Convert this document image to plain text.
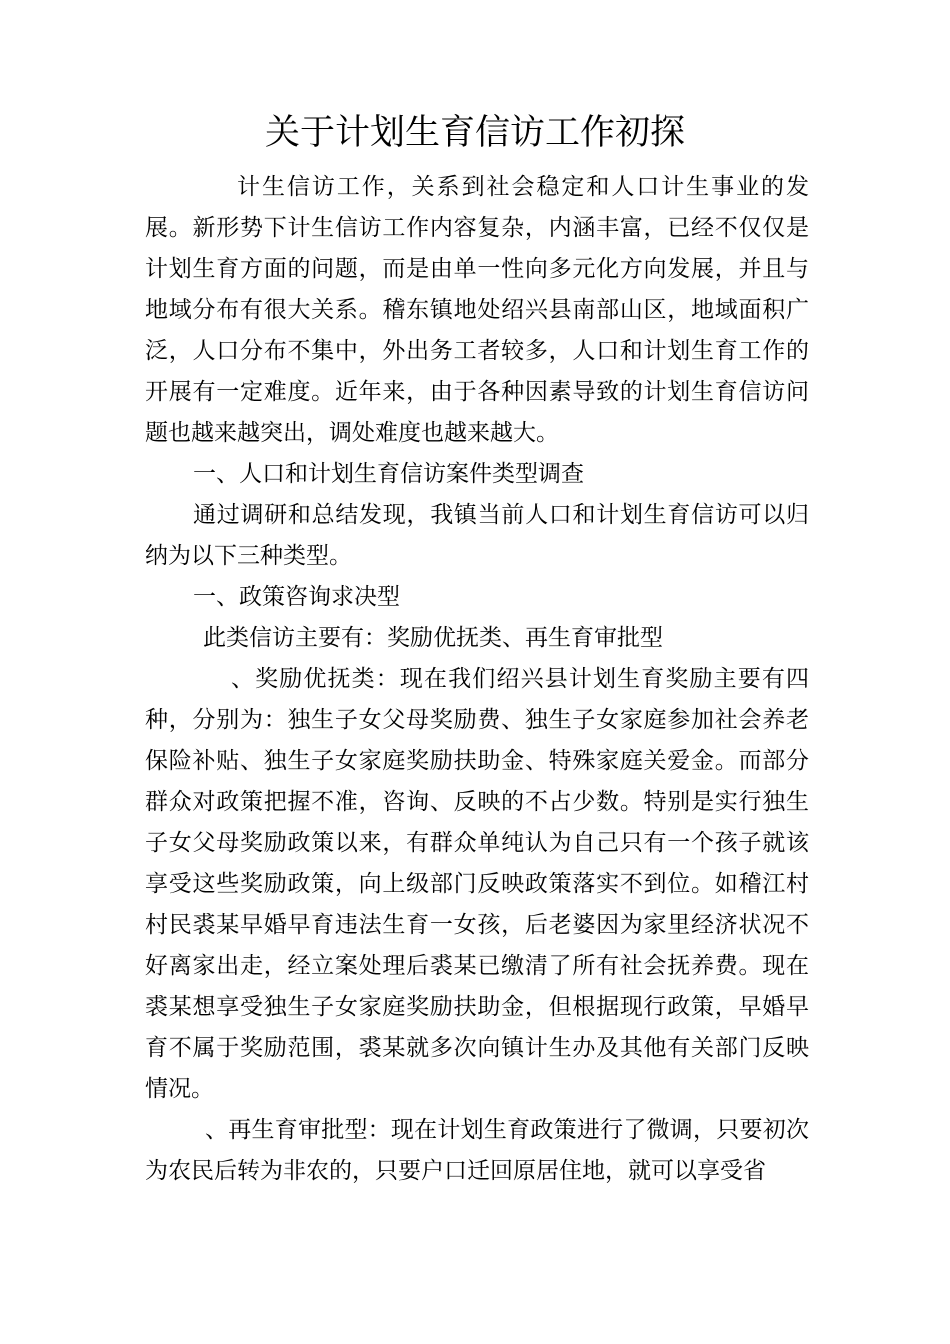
关于计划生育信访工作初探

计生信访工作，关系到社会稳定和人口计生事业的发展。新形势下计生信访工作内容复杂，内涵丰富，已经不仅仅是计划生育方面的问题，而是由单一性向多元化方向发展，并且与地域分布有很大关系。稽东镇地处绍兴县南部山区，地域面积广泛，人口分布不集中，外出务工者较多，人口和计划生育工作的开展有一定难度。近年来，由于各种因素导致的计划生育信访问题也越来越突出，调处难度也越来越大。

一、人口和计划生育信访案件类型调查

通过调研和总结发现，我镇当前人口和计划生育信访可以归纳为以下三种类型。

一、政策咨询求决型

此类信访主要有：奖励优抚类、再生育审批型

、奖励优抚类：现在我们绍兴县计划生育奖励主要有四种，分别为：独生子女父母奖励费、独生子女家庭参加社会养老保险补贴、独生子女家庭奖励扶助金、特殊家庭关爱金。而部分群众对政策把握不准，咨询、反映的不占少数。特别是实行独生子女父母奖励政策以来，有群众单纯认为自己只有一个孩子就该享受这些奖励政策，向上级部门反映政策落实不到位。如稽江村村民裘某早婚早育违法生育一女孩，后老婆因为家里经济状况不好离家出走，经立案处理后裘某已缴清了所有社会抚养费。现在裘某想享受独生子女家庭奖励扶助金，但根据现行政策，早婚早育不属于奖励范围，裘某就多次向镇计生办及其他有关部门反映情况。

、再生育审批型：现在计划生育政策进行了微调，只要初次为农民后转为非农的，只要户口迁回原居住地，就可以享受省
